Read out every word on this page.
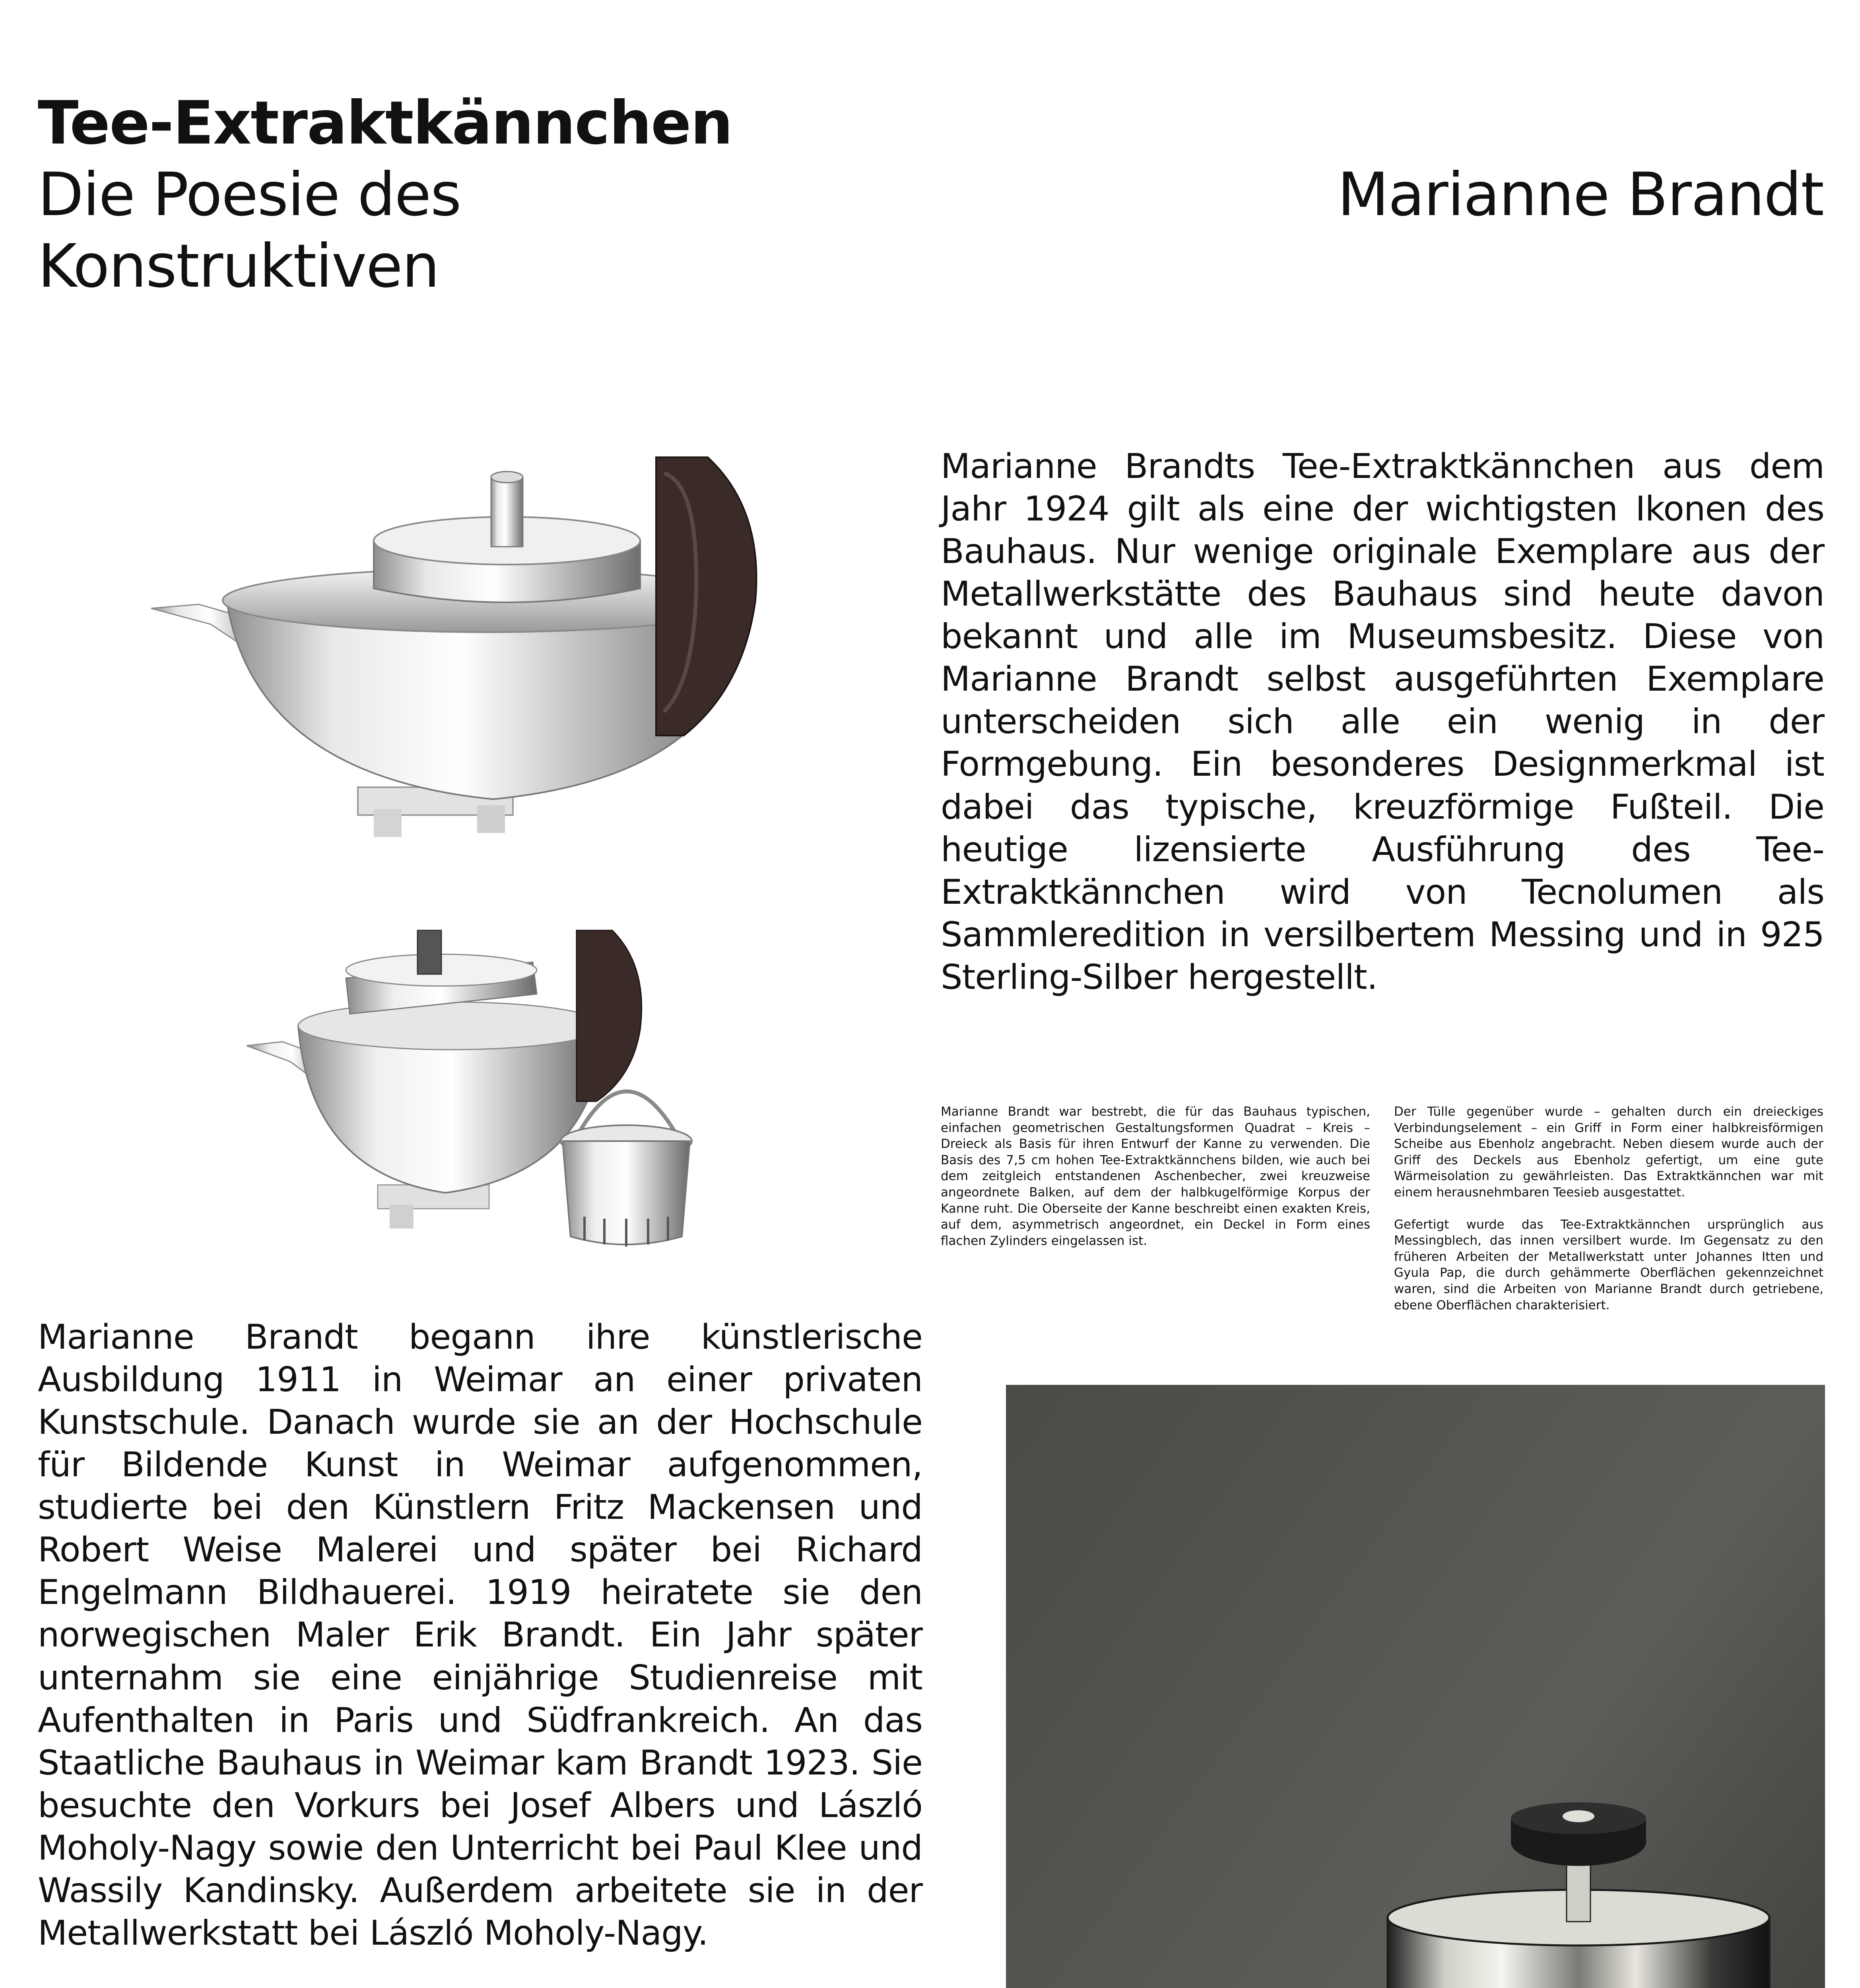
Tee-Extraktkännchen
Die Poesie des
Konstruktiven
Marianne Brandt
Marianne Brandts Tee-Extraktkännchen aus dem Jahr 1924 gilt als eine der wichtigsten Ikonen des Bauhaus. Nur wenige originale Exemplare aus der Metallwerkstätte des Bauhaus sind heute davon bekannt und alle im Museumsbesitz. Diese von Marianne Brandt selbst ausgeführten Exemplare unterscheiden sich alle ein wenig in der Formgebung. Ein besonderes Designmerkmal ist dabei das typische, kreuzförmige Fußteil. Die heutige lizensierte Ausführung des Tee-Extraktkännchen wird von Tecnolumen als Sammleredition in versilbertem Messing und in 925 Sterling-Silber hergestellt.

Marianne Brandt war bestrebt, die für das Bauhaus typischen, einfachen geometrischen Gestaltungsformen Quadrat – Kreis – Dreieck als Basis für ihren Entwurf der Kanne zu verwenden. Die Basis des 7,5 cm hohen Tee-Extraktkännchens bilden, wie auch bei dem zeitgleich entstandenen Aschenbecher, zwei kreuzweise angeordnete Balken, auf dem der halbkugelförmige Korpus der Kanne ruht. Die Oberseite der Kanne beschreibt einen exakten Kreis, auf dem, asymmetrisch angeordnet, ein Deckel in Form eines flachen Zylinders eingelassen ist.

Der Tülle gegenüber wurde – gehalten durch ein dreieckiges Verbindungselement – ein Griff in Form einer halbkreisförmigen Scheibe aus Ebenholz angebracht. Neben diesem wurde auch der Griff des Deckels aus Ebenholz gefertigt, um eine gute Wärmeisolation zu gewährleisten. Das Extraktkännchen war mit einem herausnehmbaren Teesieb ausgestattet.

Gefertigt wurde das Tee-Extraktkännchen ursprünglich aus Messingblech, das innen versilbert wurde. Im Gegensatz zu den früheren Arbeiten der Metallwerkstatt unter Johannes Itten und Gyula Pap, die durch gehämmerte Oberflächen gekennzeichnet waren, sind die Arbeiten von Marianne Brandt durch getriebene, ebene Oberflächen charakterisiert.

Marianne Brandt begann ihre künstlerische Ausbildung 1911 in Weimar an einer privaten Kunstschule. Danach wurde sie an der Hochschule für Bildende Kunst in Weimar aufgenommen, studierte bei den Künstlern Fritz Mackensen und Robert Weise Malerei und später bei Richard Engelmann Bildhauerei. 1919 heiratete sie den norwegischen Maler Erik Brandt. Ein Jahr später unternahm sie eine einjährige Studienreise mit Aufenthalten in Paris und Südfrankreich. An das Staatliche Bauhaus in Weimar kam Brandt 1923. Sie besuchte den Vorkurs bei Josef Albers und László Moholy-Nagy sowie den Unterricht bei Paul Klee und Wassily Kandinsky. Außerdem arbeitete sie in der Metallwerkstatt bei László Moholy-Nagy.
